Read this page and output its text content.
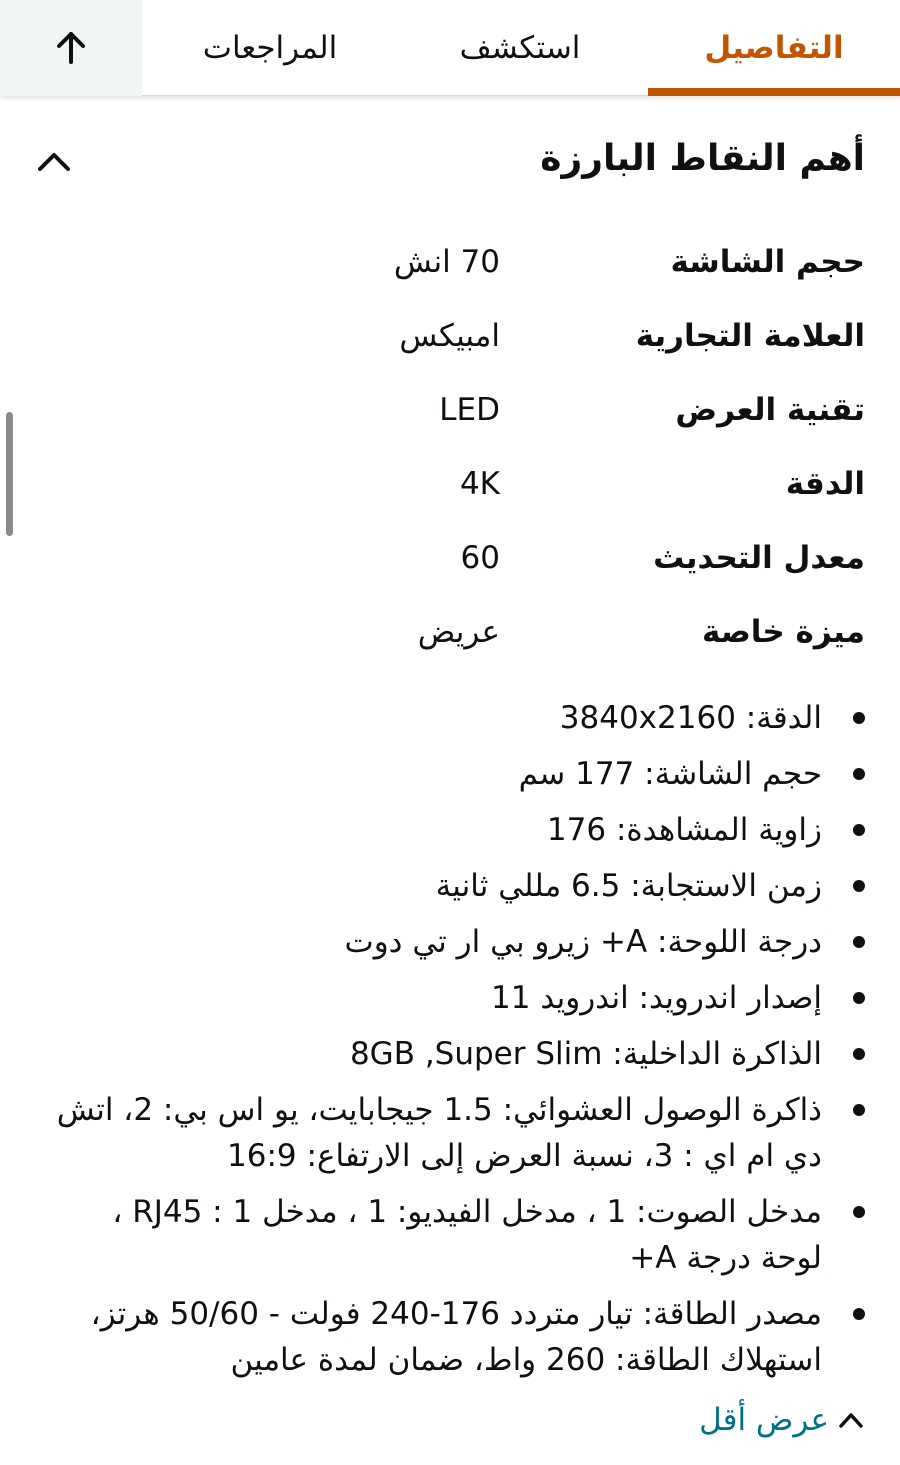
التفاصيل
استكشف
المراجعات
أهم النقاط البارزة
حجم الشاشة
70 انش
العلامة التجارية
امبيكس
تقنية العرض
LED
الدقة
4K
معدل التحديث
60
ميزة خاصة
عريض
الدقة: 3840x2160
حجم الشاشة: 177 سم
زاوية المشاهدة: 176
زمن الاستجابة: 6.5 مللي ثانية
درجة اللوحة: A+ زيرو بي ار تي دوت
إصدار اندرويد: اندرويد 11
الذاكرة الداخلية: 8GB ,Super Slim
ذاكرة الوصول العشوائي: 1.5 جيجابايت، يو اس بي: 2، اتش دي ام اي : 3، نسبة العرض إلى الارتفاع: 16:9
مدخل الصوت: 1 ، مدخل الفيديو: 1 ، مدخل 1 : RJ45 ، لوحة درجة A+
مصدر الطاقة: تيار متردد 176-240 فولت - 50/60 هرتز، استهلاك الطاقة: 260 واط، ضمان لمدة عامين
عرض أقل
